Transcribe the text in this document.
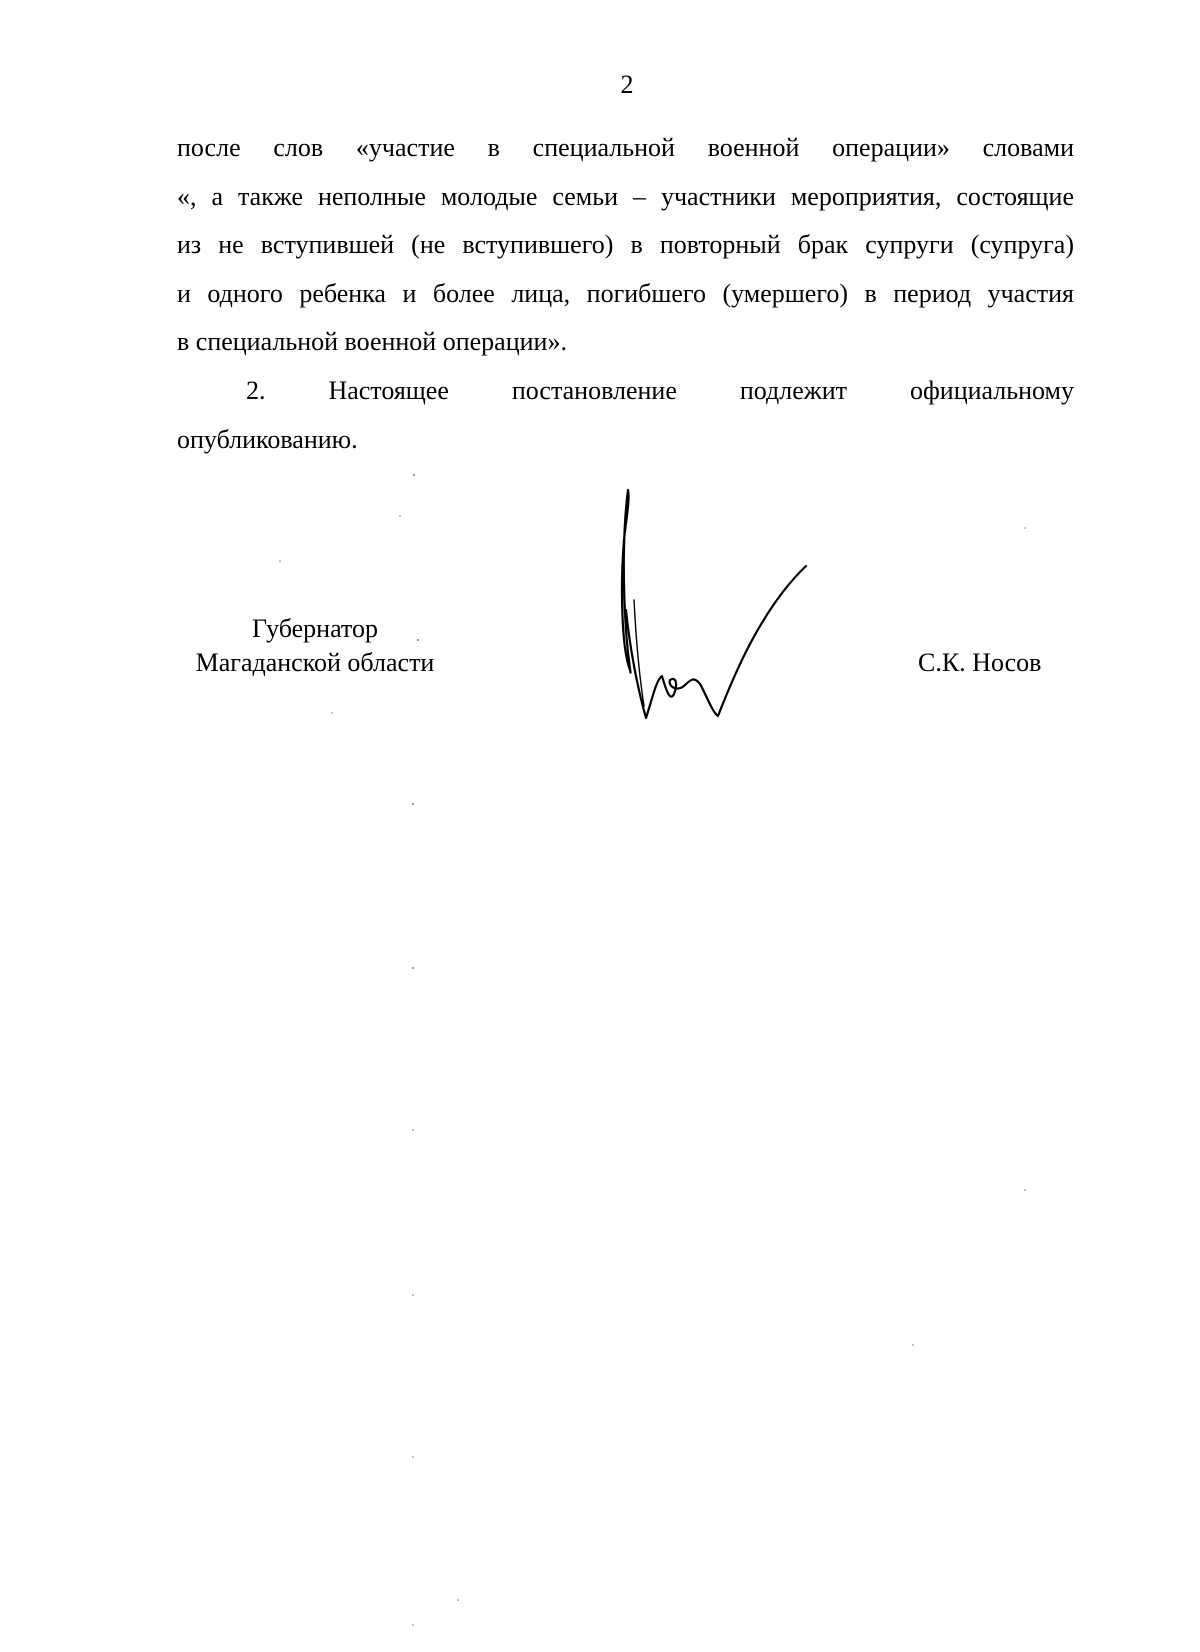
2
после слов «участие в специальной военной операции» словами
«, а также неполные молодые семьи – участники мероприятия, состоящие
из не вступившей (не вступившего) в повторный брак супруги (супруга)
и одного ребенка и более лица, погибшего (умершего) в период участия
в специальной военной операции».
2. Настоящее постановление подлежит официальному
опубликованию.
Губернатор
Магаданской области	С.К. Носов
